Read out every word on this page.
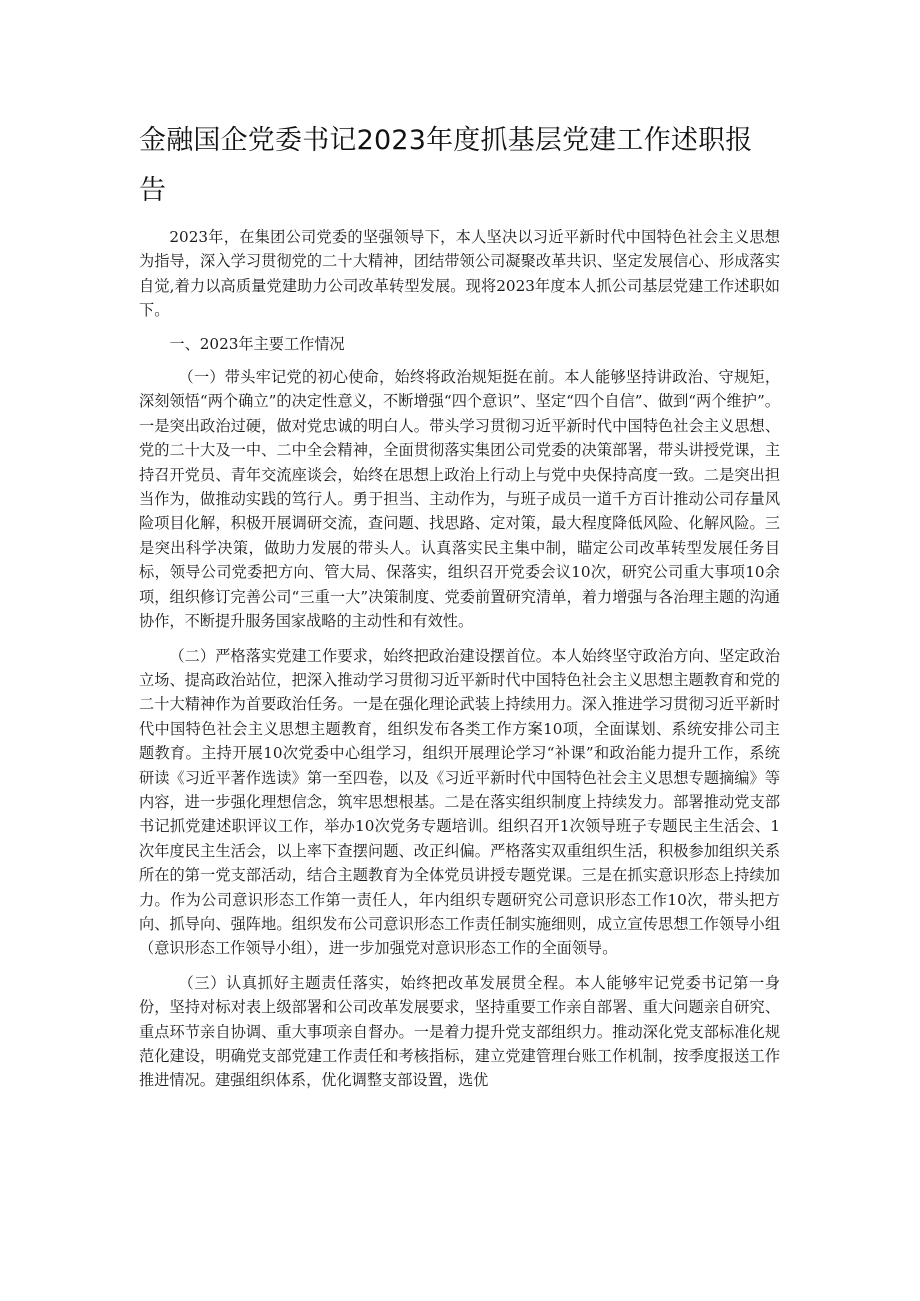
金融国企党委书记2023年度抓基层党建工作述职报告

2023年，在集团公司党委的坚强领导下，本人坚决以习近平新时代中国特色社会主义思想为指导，深入学习贯彻党的二十大精神，团结带领公司凝聚改革共识、坚定发展信心、形成落实自觉,着力以高质量党建助力公司改革转型发展。现将2023年度本人抓公司基层党建工作述职如下。

一、2023年主要工作情况

（一）带头牢记党的初心使命，始终将政治规矩挺在前。本人能够坚持讲政治、守规矩，深刻领悟“两个确立”的决定性意义，不断增强“四个意识”、坚定“四个自信”、做到“两个维护”。一是突出政治过硬，做对党忠诚的明白人。带头学习贯彻习近平新时代中国特色社会主义思想、党的二十大及一中、二中全会精神，全面贯彻落实集团公司党委的决策部署，带头讲授党课，主持召开党员、青年交流座谈会，始终在思想上政治上行动上与党中央保持高度一致。二是突出担当作为，做推动实践的笃行人。勇于担当、主动作为，与班子成员一道千方百计推动公司存量风险项目化解，积极开展调研交流，查问题、找思路、定对策，最大程度降低风险、化解风险。三是突出科学决策，做助力发展的带头人。认真落实民主集中制，瞄定公司改革转型发展任务目标，领导公司党委把方向、管大局、保落实，组织召开党委会议10次，研究公司重大事项10余项，组织修订完善公司“三重一大”决策制度、党委前置研究清单，着力增强与各治理主题的沟通协作，不断提升服务国家战略的主动性和有效性。

（二）严格落实党建工作要求，始终把政治建设摆首位。本人始终坚守政治方向、坚定政治立场、提高政治站位，把深入推动学习贯彻习近平新时代中国特色社会主义思想主题教育和党的二十大精神作为首要政治任务。一是在强化理论武装上持续用力。深入推进学习贯彻习近平新时代中国特色社会主义思想主题教育，组织发布各类工作方案10项，全面谋划、系统安排公司主题教育。主持开展10次党委中心组学习，组织开展理论学习“补课”和政治能力提升工作，系统研读《习近平著作选读》第一至四卷，以及《习近平新时代中国特色社会主义思想专题摘编》等内容，进一步强化理想信念，筑牢思想根基。二是在落实组织制度上持续发力。部署推动党支部书记抓党建述职评议工作，举办10次党务专题培训。组织召开1次领导班子专题民主生活会、1次年度民主生活会，以上率下查摆问题、改正纠偏。严格落实双重组织生活，积极参加组织关系所在的第一党支部活动，结合主题教育为全体党员讲授专题党课。三是在抓实意识形态上持续加力。作为公司意识形态工作第一责任人，年内组织专题研究公司意识形态工作10次，带头把方向、抓导向、强阵地。组织发布公司意识形态工作责任制实施细则，成立宣传思想工作领导小组（意识形态工作领导小组），进一步加强党对意识形态工作的全面领导。

（三）认真抓好主题责任落实，始终把改革发展贯全程。本人能够牢记党委书记第一身份，坚持对标对表上级部署和公司改革发展要求，坚持重要工作亲自部署、重大问题亲自研究、重点环节亲自协调、重大事项亲自督办。一是着力提升党支部组织力。推动深化党支部标准化规范化建设，明确党支部党建工作责任和考核指标，建立党建管理台账工作机制，按季度报送工作推进情况。建强组织体系，优化调整支部设置，选优
